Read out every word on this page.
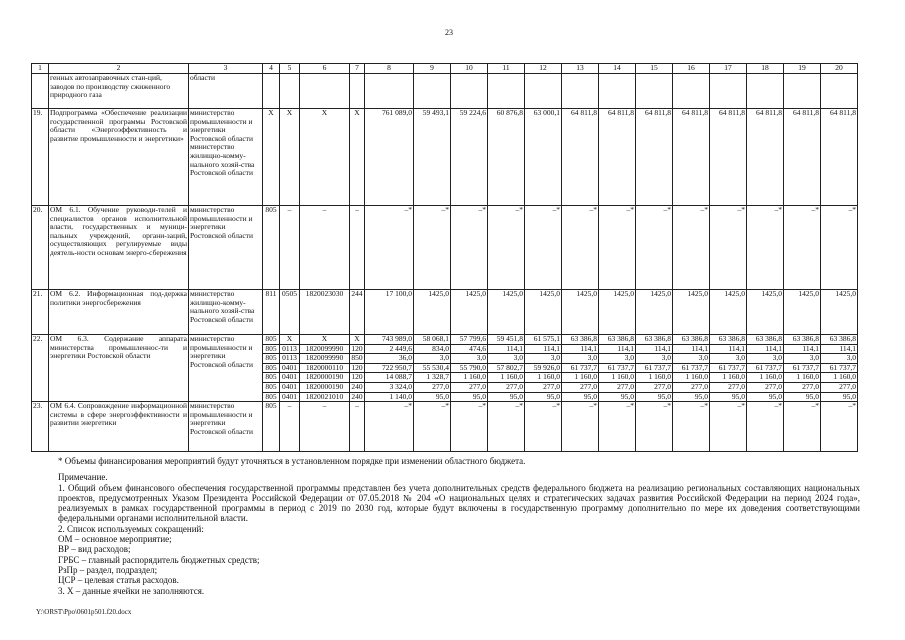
23
1	2	3	4	5	6	7	8	9	10	11	12	13	14	15	16	17	18	19	20
	генных автозаправочных стан-ций, заводов по производству сжиженного природного газа	области																	
19.	Подпрограмма «Обеспечение реализации государственной программы Ростовской области «Энергоэффективность и развитие промышленности и энергетики»	министерство промышленности и энергетики Ростовской области министерство жилищно-комму-нального хозяй-ства Ростовской области	Х	Х	Х	Х	761 089,0	59 493,1	59 224,6	60 876,8	63 000,1	64 811,8	64 811,8	64 811,8	64 811,8	64 811,8	64 811,8	64 811,8	64 811,8
20.	ОМ 6.1. Обучение руководи-телей и специалистов органов исполнительной власти, государственных и муници-пальных учреждений, органи-заций, осуществляющих регулируемые виды деятель-ности основам энерго-сбережения	министерство промышленности и энергетики Ростовской области	805	–	–	–	–*	–*	–*	–*	–*	–*	–*	–*	–*	–*	–*	–*	–*
21.	ОМ 6.2. Информационная под-держка политики энергосбережения	министерство жилищно-комму-нального хозяй-ства Ростовской области	811	0505	1820023030	244	17 100,0	1425,0	1425,0	1425,0	1425,0	1425,0	1425,0	1425,0	1425,0	1425,0	1425,0	1425,0	1425,0
22.	ОМ 6.3. Содержание аппарата министерства промышленнос-ти и энергетики Ростовской области	министерство промышленности и энергетики Ростовской области	805	Х	Х	Х	743 989,0	58 068,1	57 799,6	59 451,8	61 575,1	63 386,8	63 386,8	63 386,8	63 386,8	63 386,8	63 386,8	63 386,8	63 386,8
			805	0113	1820099990	120	2 449,6	834,0	474,6	114,1	114,1	114,1	114,1	114,1	114,1	114,1	114,1	114,1	114,1
			805	0113	1820099990	850	36,0	3,0	3,0	3,0	3,0	3,0	3,0	3,0	3,0	3,0	3,0	3,0	3,0
			805	0401	1820000110	120	722 950,7	55 530,4	55 790,0	57 802,7	59 926,0	61 737,7	61 737,7	61 737,7	61 737,7	61 737,7	61 737,7	61 737,7	61 737,7
			805	0401	1820000190	120	14 088,7	1 328,7	1 160,0	1 160,0	1 160,0	1 160,0	1 160,0	1 160,0	1 160,0	1 160,0	1 160,0	1 160,0	1 160,0
			805	0401	1820000190	240	3 324,0	277,0	277,0	277,0	277,0	277,0	277,0	277,0	277,0	277,0	277,0	277,0	277,0
			805	0401	1820021010	240	1 140,0	95,0	95,0	95,0	95,0	95,0	95,0	95,0	95,0	95,0	95,0	95,0	95,0
23.	ОМ 6.4. Сопровождение информационной системы в сфере энергоэффективности и развитии энергетики	министерство промышленности и энергетики Ростовской области	805	–	–	–	–*	–*	–*	–*	–*	–*	–*	–*	–*	–*	–*	–*	–*

* Объемы финансирования мероприятий будут уточняться в установленном порядке при изменении областного бюджета.

Примечание.

1. Общий объем финансового обеспечения государственной программы представлен без учета дополнительных средств федерального бюджета на реализацию региональных составляющих национальных проектов, предусмотренных Указом Президента Российской Федерации от 07.05.2018 № 204 «О национальных целях и стратегических задачах развития Российской Федерации на период 2024 года», реализуемых в рамках государственной программы в период с 2019 по 2030 год, которые будут включены в государственную программу дополнительно по мере их доведения соответствующими федеральными органами исполнительной власти.

2. Список используемых сокращений:

ОМ – основное мероприятие;

ВР – вид расходов;

ГРБС – главный распорядитель бюджетных средств;

РзПр – раздел, подраздел;

ЦСР – целевая статья расходов.

3. Х – данные ячейки не заполняются.

Y:\ORST\Ppo\0601p501.f20.docx
